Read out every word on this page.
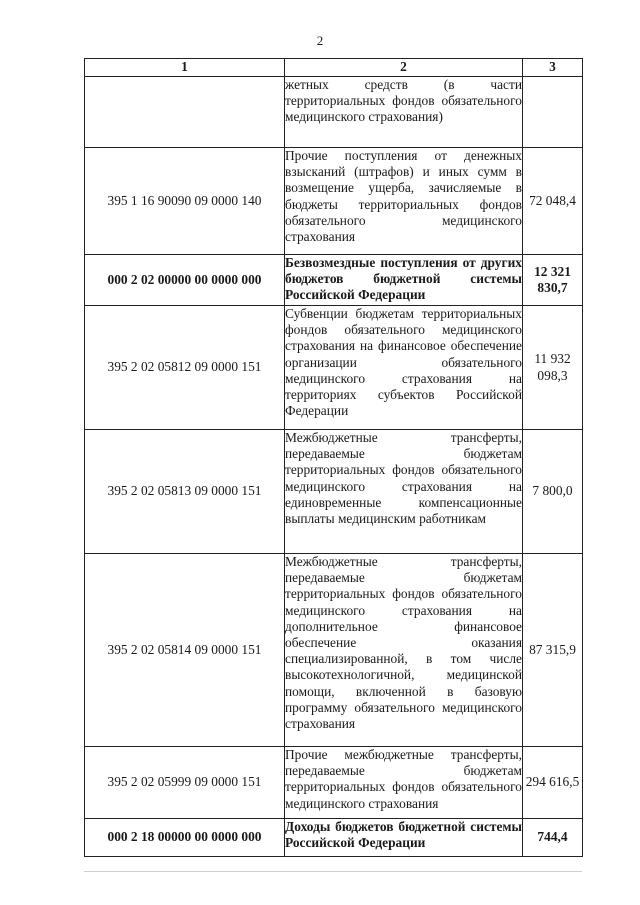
2
1	2	3
	жетных средств (в части территориальных фондов обязательного медицинского страхования)	
395 1 16 90090 09 0000 140	Прочие поступления от денежных взысканий (штрафов) и иных сумм в возмещение ущерба, зачисляемые в бюджеты территориальных фондов обязательного медицинского страхования	72 048,4
000 2 02 00000 00 0000 000	Безвозмездные поступления от других бюджетов бюджетной системы Российской Федерации	12 321 830,7
395 2 02 05812 09 0000 151	Субвенции бюджетам территориальных фондов обязательного медицинского страхования на финансовое обеспечение организации обязательного медицинского страхования на территориях субъектов Российской Федерации	11 932 098,3
395 2 02 05813 09 0000 151	Межбюджетные трансферты, передаваемые бюджетам территориальных фондов обязательного медицинского страхования на единовременные компенсационные выплаты медицинским работникам	7 800,0
395 2 02 05814 09 0000 151	Межбюджетные трансферты, передаваемые бюджетам территориальных фондов обязательного медицинского страхования на дополнительное финансовое обеспечение оказания специализированной, в том числе высокотехнологичной, медицинской помощи, включенной в базовую программу обязательного медицинского страхования	87 315,9
395 2 02 05999 09 0000 151	Прочие межбюджетные трансферты, передаваемые бюджетам территориальных фондов обязательного медицинского страхования	294 616,5
000 2 18 00000 00 0000 000	Доходы бюджетов бюджетной системы Российской Федерации	744,4
